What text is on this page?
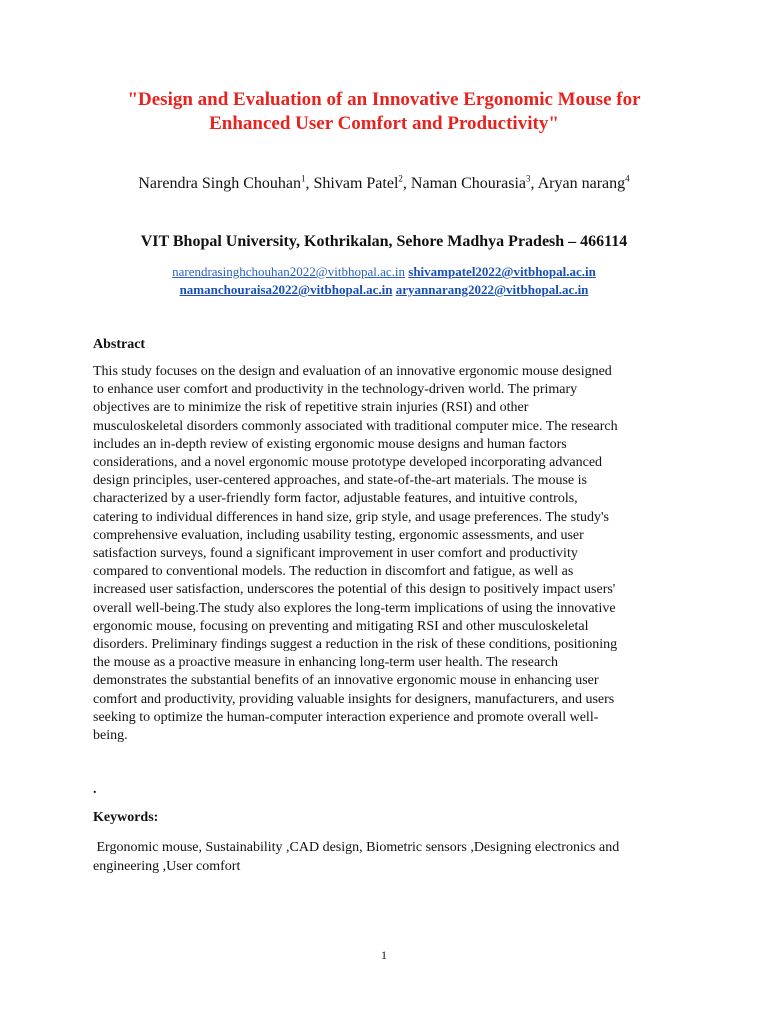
"Design and Evaluation of an Innovative Ergonomic Mouse for
Enhanced User Comfort and Productivity"
Narendra Singh Chouhan$^1$, Shivam Patel$^2$, Naman Chourasia$^3$, Aryan narang$^4$
VIT Bhopal University, Kothrikalan, Sehore Madhya Pradesh – 466114
narendrasinghchouhan2022@vitbhopal.ac.in shivampatel2022@vitbhopal.ac.in
namanchouraisa2022@vitbhopal.ac.in aryannarang2022@vitbhopal.ac.in
Abstract
This study focuses on the design and evaluation of an innovative ergonomic mouse designed
to enhance user comfort and productivity in the technology-driven world. The primary
objectives are to minimize the risk of repetitive strain injuries (RSI) and other
musculoskeletal disorders commonly associated with traditional computer mice. The research
includes an in-depth review of existing ergonomic mouse designs and human factors
considerations, and a novel ergonomic mouse prototype developed incorporating advanced
design principles, user-centered approaches, and state-of-the-art materials. The mouse is
characterized by a user-friendly form factor, adjustable features, and intuitive controls,
catering to individual differences in hand size, grip style, and usage preferences. The study's
comprehensive evaluation, including usability testing, ergonomic assessments, and user
satisfaction surveys, found a significant improvement in user comfort and productivity
compared to conventional models. The reduction in discomfort and fatigue, as well as
increased user satisfaction, underscores the potential of this design to positively impact users'
overall well-being.The study also explores the long-term implications of using the innovative
ergonomic mouse, focusing on preventing and mitigating RSI and other musculoskeletal
disorders. Preliminary findings suggest a reduction in the risk of these conditions, positioning
the mouse as a proactive measure in enhancing long-term user health. The research
demonstrates the substantial benefits of an innovative ergonomic mouse in enhancing user
comfort and productivity, providing valuable insights for designers, manufacturers, and users
seeking to optimize the human-computer interaction experience and promote overall well-
being.
.
Keywords:
Ergonomic mouse, Sustainability ,CAD design, Biometric sensors ,Designing electronics and
engineering ,User comfort
1
